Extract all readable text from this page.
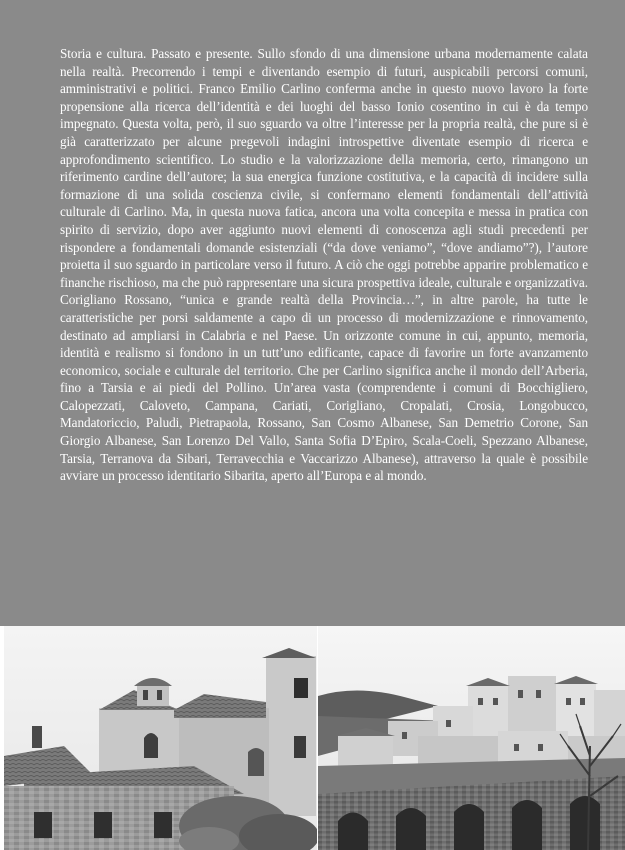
Storia e cultura. Passato e presente. Sullo sfondo di una dimensione urbana modernamente calata nella realtà. Precorrendo i tempi e diventando esempio di futuri, auspicabili percorsi comuni, amministrativi e politici. Franco Emilio Carlino conferma anche in questo nuovo lavoro la forte propensione alla ricerca dell’identità e dei luoghi del basso Ionio cosentino in cui è da tempo impegnato. Questa volta, però, il suo sguardo va oltre l’interesse per la propria realtà, che pure si è già caratterizzato per alcune pregevoli indagini introspettive diventate esempio di ricerca e approfondimento scientifico. Lo studio e la valorizzazione della memoria, certo, rimangono un riferimento cardine dell’autore; la sua energica funzione costitutiva, e la capacità di incidere sulla formazione di una solida coscienza civile, si confermano elementi fondamentali dell’attività culturale di Carlino. Ma, in questa nuova fatica, ancora una volta concepita e messa in pratica con spirito di servizio, dopo aver aggiunto nuovi elementi di conoscenza agli studi precedenti per rispondere a fondamentali domande esistenziali (“da dove veniamo”, “dove andiamo”?), l’autore proietta il suo sguardo in particolare verso il futuro. A ciò che oggi potrebbe apparire problematico e finanche rischioso, ma che può rappresentare una sicura prospettiva ideale, culturale e organizzativa. Corigliano Rossano, “unica e grande realtà della Provincia…”, in altre parole, ha tutte le caratteristiche per porsi saldamente a capo di un processo di modernizzazione e rinnovamento, destinato ad ampliarsi in Calabria e nel Paese. Un orizzonte comune in cui, appunto, memoria, identità e realismo si fondono in un tutt’uno edificante, capace di favorire un forte avanzamento economico, sociale e culturale del territorio. Che per Carlino significa anche il mondo dell’Arberia, fino a Tarsia e ai piedi del Pollino. Un’area vasta (comprendente i comuni di Bocchigliero, Calopezzati, Caloveto, Campana, Cariati, Corigliano, Cropalati, Crosia, Longobucco, Mandatoriccio, Paludi, Pietrapaola, Rossano, San Cosmo Albanese, San Demetrio Corone, San Giorgio Albanese, San Lorenzo Del Vallo, Santa Sofia D’Epiro, Scala-Coeli, Spezzano Albanese, Tarsia, Terranova da Sibari, Terravecchia e Vaccarizzo Albanese), attraverso la quale è possibile avviare un processo identitario Sibarita, aperto all’Europa e al mondo.
